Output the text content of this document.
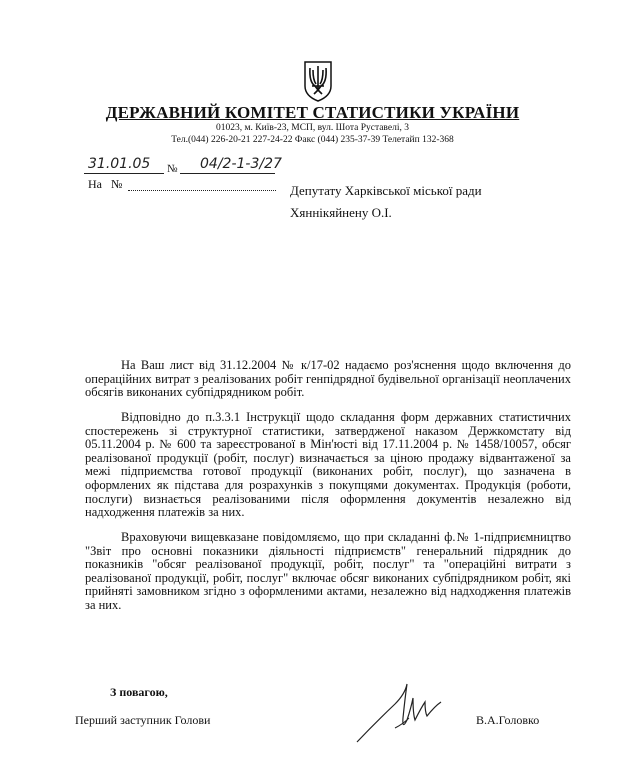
ДЕРЖАВНИЙ КОМІТЕТ СТАТИСТИКИ УКРАЇНИ
01023, м. Київ-23, МСП, вул. Шота Руставелі, 3
Тел.(044) 226-20-21 227-24-22 Факс (044) 235-37-39 Телетайп 132-368
31.01.05 № 04/2-1-3/27
На №	Депутату Харківської міської ради
Хяннікяйнену О.І.
На Ваш лист від 31.12.2004 № к/17-02 надаємо роз'яснення щодо включення до операційних витрат з реалізованих робіт генпідрядної будівельної організації неоплачених обсягів виконаних субпідрядником робіт.
Відповідно до п.3.3.1 Інструкції щодо складання форм державних статистичних спостережень зі структурної статистики, затвердженої наказом Держкомстату від 05.11.2004 р. № 600 та зареєстрованої в Мін'юсті від 17.11.2004 р. № 1458/10057, обсяг реалізованої продукції (робіт, послуг) визначається за ціною продажу відвантаженої за межі підприємства готової продукції (виконаних робіт, послуг), що зазначена в оформлених як підстава для розрахунків з покупцями документах. Продукція (роботи, послуги) визнається реалізованими після оформлення документів незалежно від надходження платежів за них.
Враховуючи вищевказане повідомляємо, що при складанні ф.№ 1-підприємництво "Звіт про основні показники діяльності підприємств" генеральний підрядник до показників "обсяг реалізованої продукції, робіт, послуг" та "операційні витрати з реалізованої продукції, робіт, послуг" включає обсяг виконаних субпідрядником робіт, які прийняті замовником згідно з оформленими актами, незалежно від надходження платежів за них.
З повагою,
Перший заступник Голови	В.А.Головко
